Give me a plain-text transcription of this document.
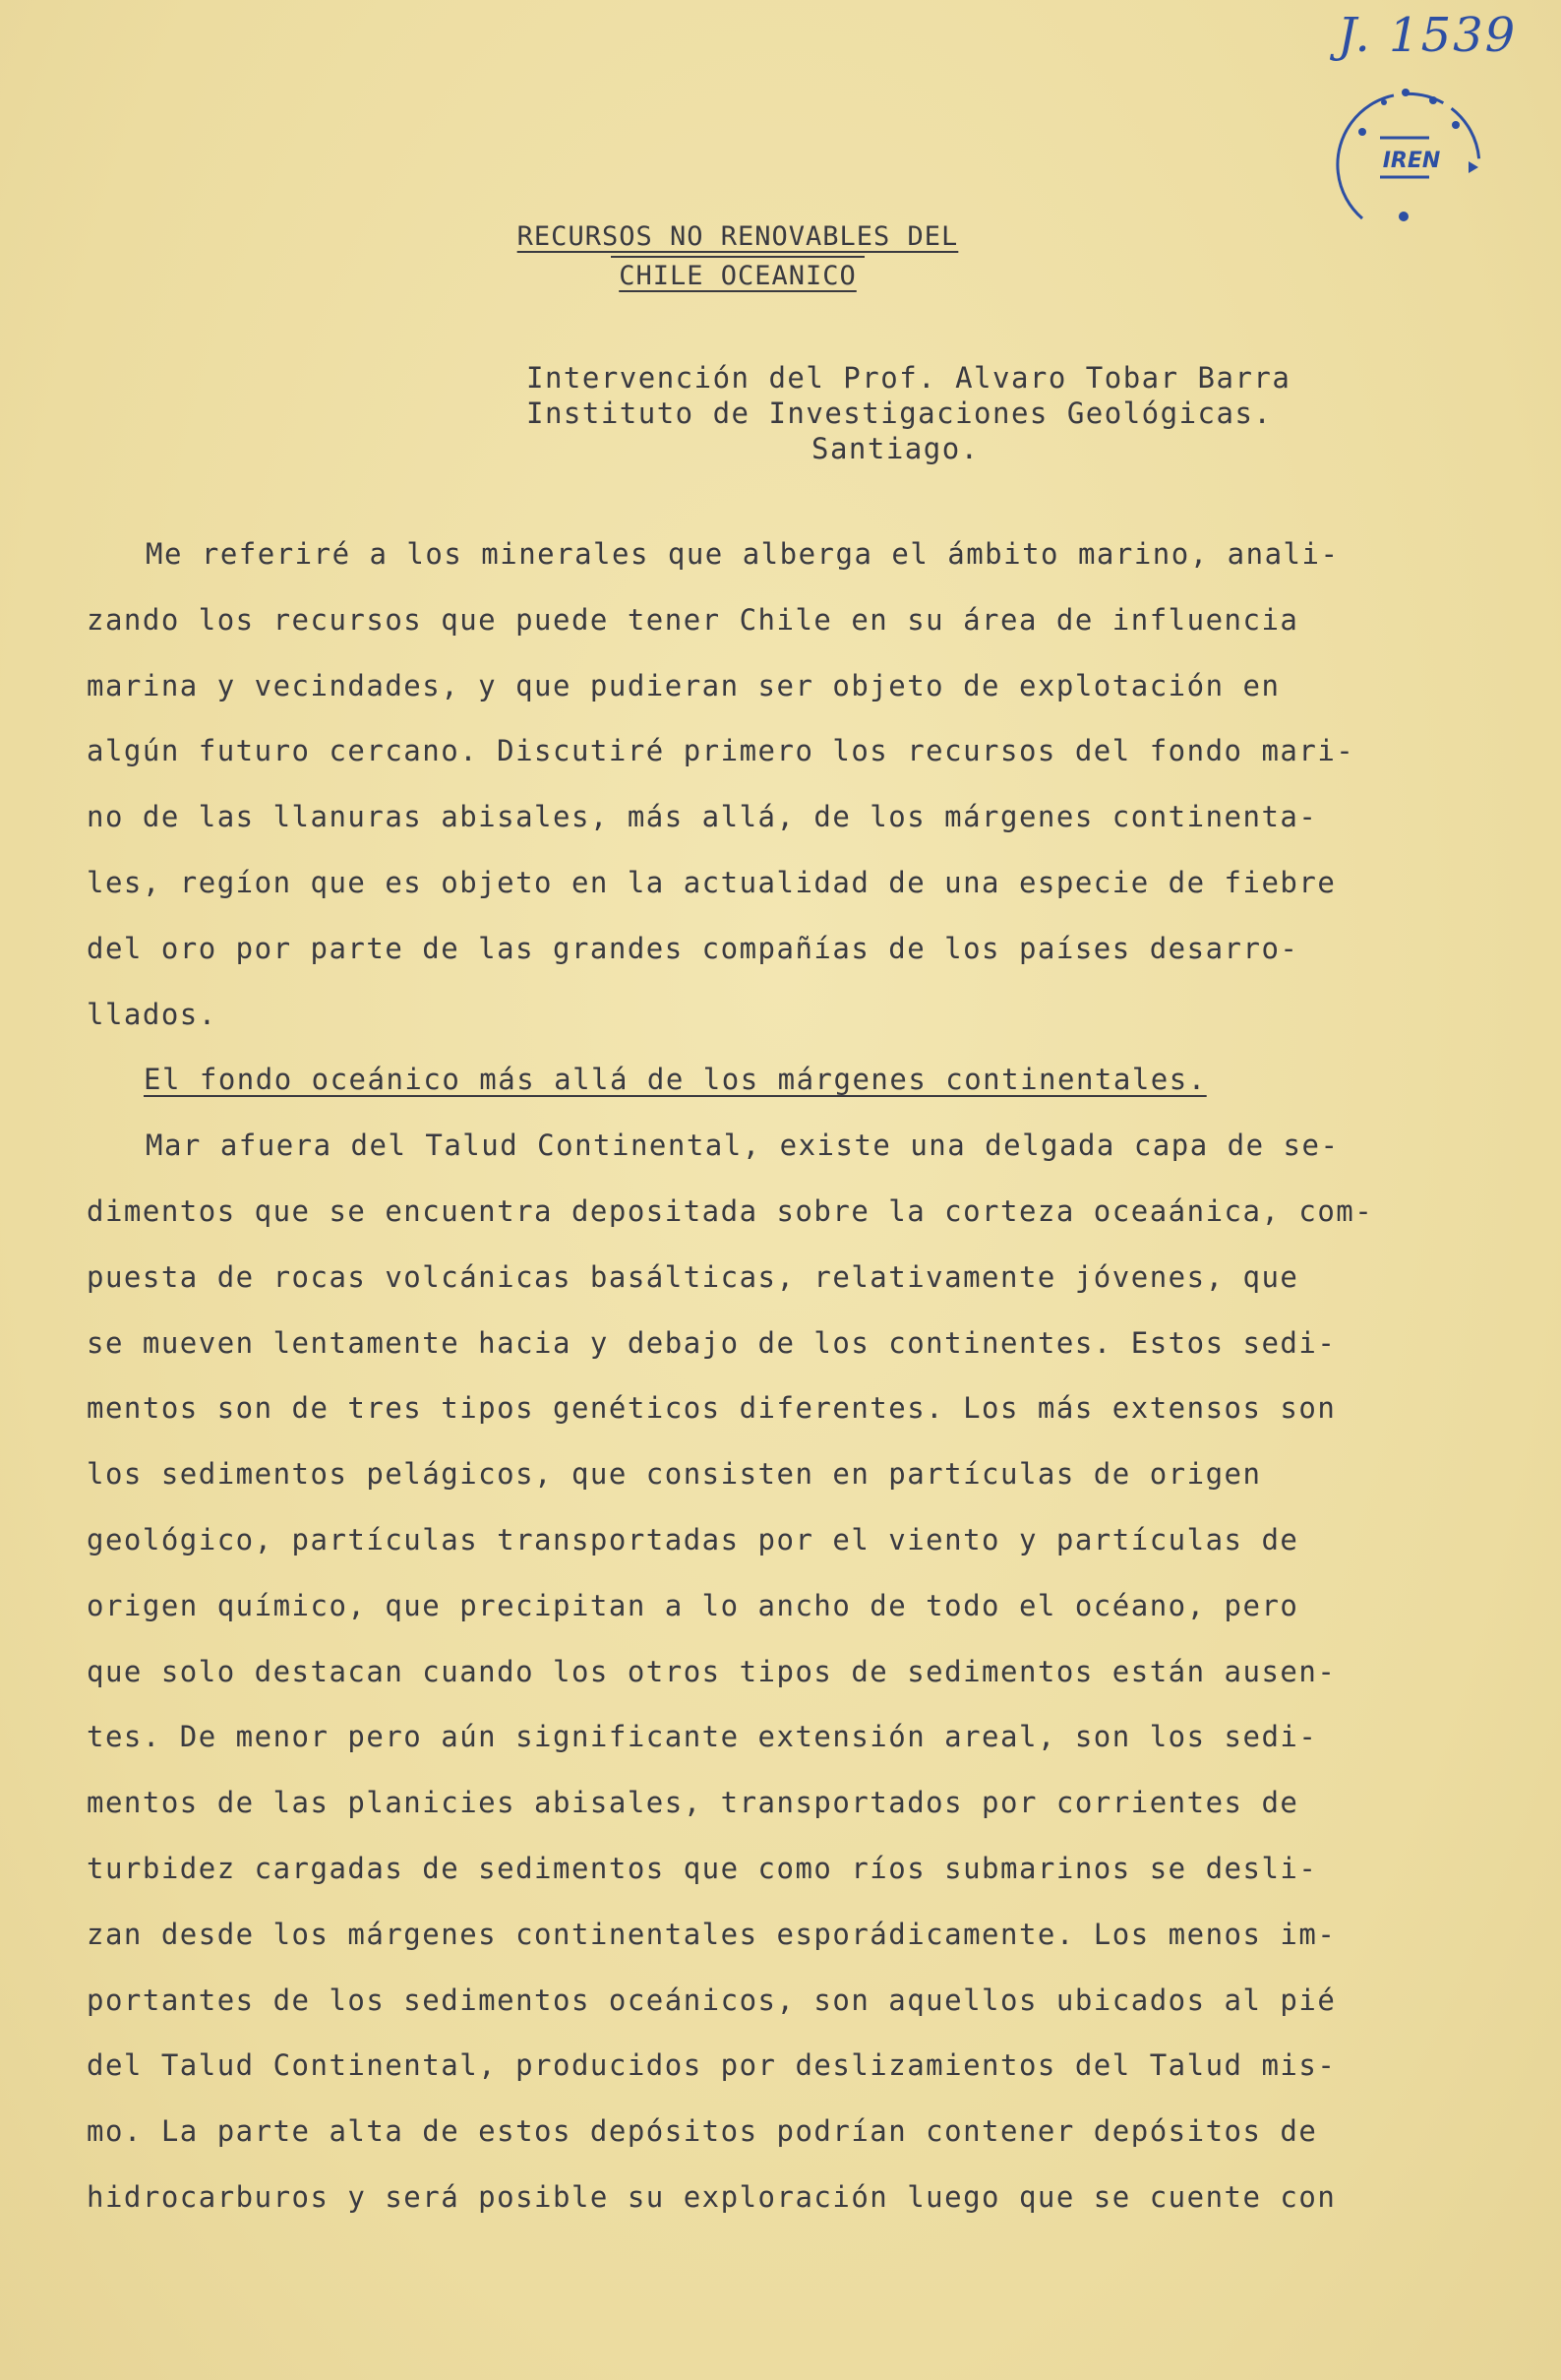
J. 1539
IREN
RECURSOS NO RENOVABLES DEL
CHILE OCEANICO
Intervención del Prof. Alvaro Tobar Barra
Instituto de Investigaciones Geológicas.
Santiago.
Me referiré a los minerales que alberga el ámbito marino, anali-
zando los recursos que puede tener Chile en su área de influencia
marina y vecindades, y que pudieran ser objeto de explotación en
algún futuro cercano. Discutiré primero los recursos del fondo mari-
no de las llanuras abisales, más allá, de los márgenes continenta-
les, regíon que es objeto en la actualidad de una especie de fiebre
del oro por parte de las grandes compañías de los países desarro-
llados.
El fondo oceánico más allá de los márgenes continentales.
Mar afuera del Talud Continental, existe una delgada capa de se-
dimentos que se encuentra depositada sobre la corteza oceaánica, com-
puesta de rocas volcánicas basálticas, relativamente jóvenes, que
se mueven lentamente hacia y debajo de los continentes. Estos sedi-
mentos son de tres tipos genéticos diferentes. Los más extensos son
los sedimentos pelágicos, que consisten en partículas de origen
geológico, partículas transportadas por el viento y partículas de
origen químico, que precipitan a lo ancho de todo el océano, pero
que solo destacan cuando los otros tipos de sedimentos están ausen-
tes. De menor pero aún significante extensión areal, son los sedi-
mentos de las planicies abisales, transportados por corrientes de
turbidez cargadas de sedimentos que como ríos submarinos se desli-
zan desde los márgenes continentales esporádicamente. Los menos im-
portantes de los sedimentos oceánicos, son aquellos ubicados al pié
del Talud Continental, producidos por deslizamientos del Talud mis-
mo. La parte alta de estos depósitos podrían contener depósitos de
hidrocarburos y será posible su exploración luego que se cuente con
